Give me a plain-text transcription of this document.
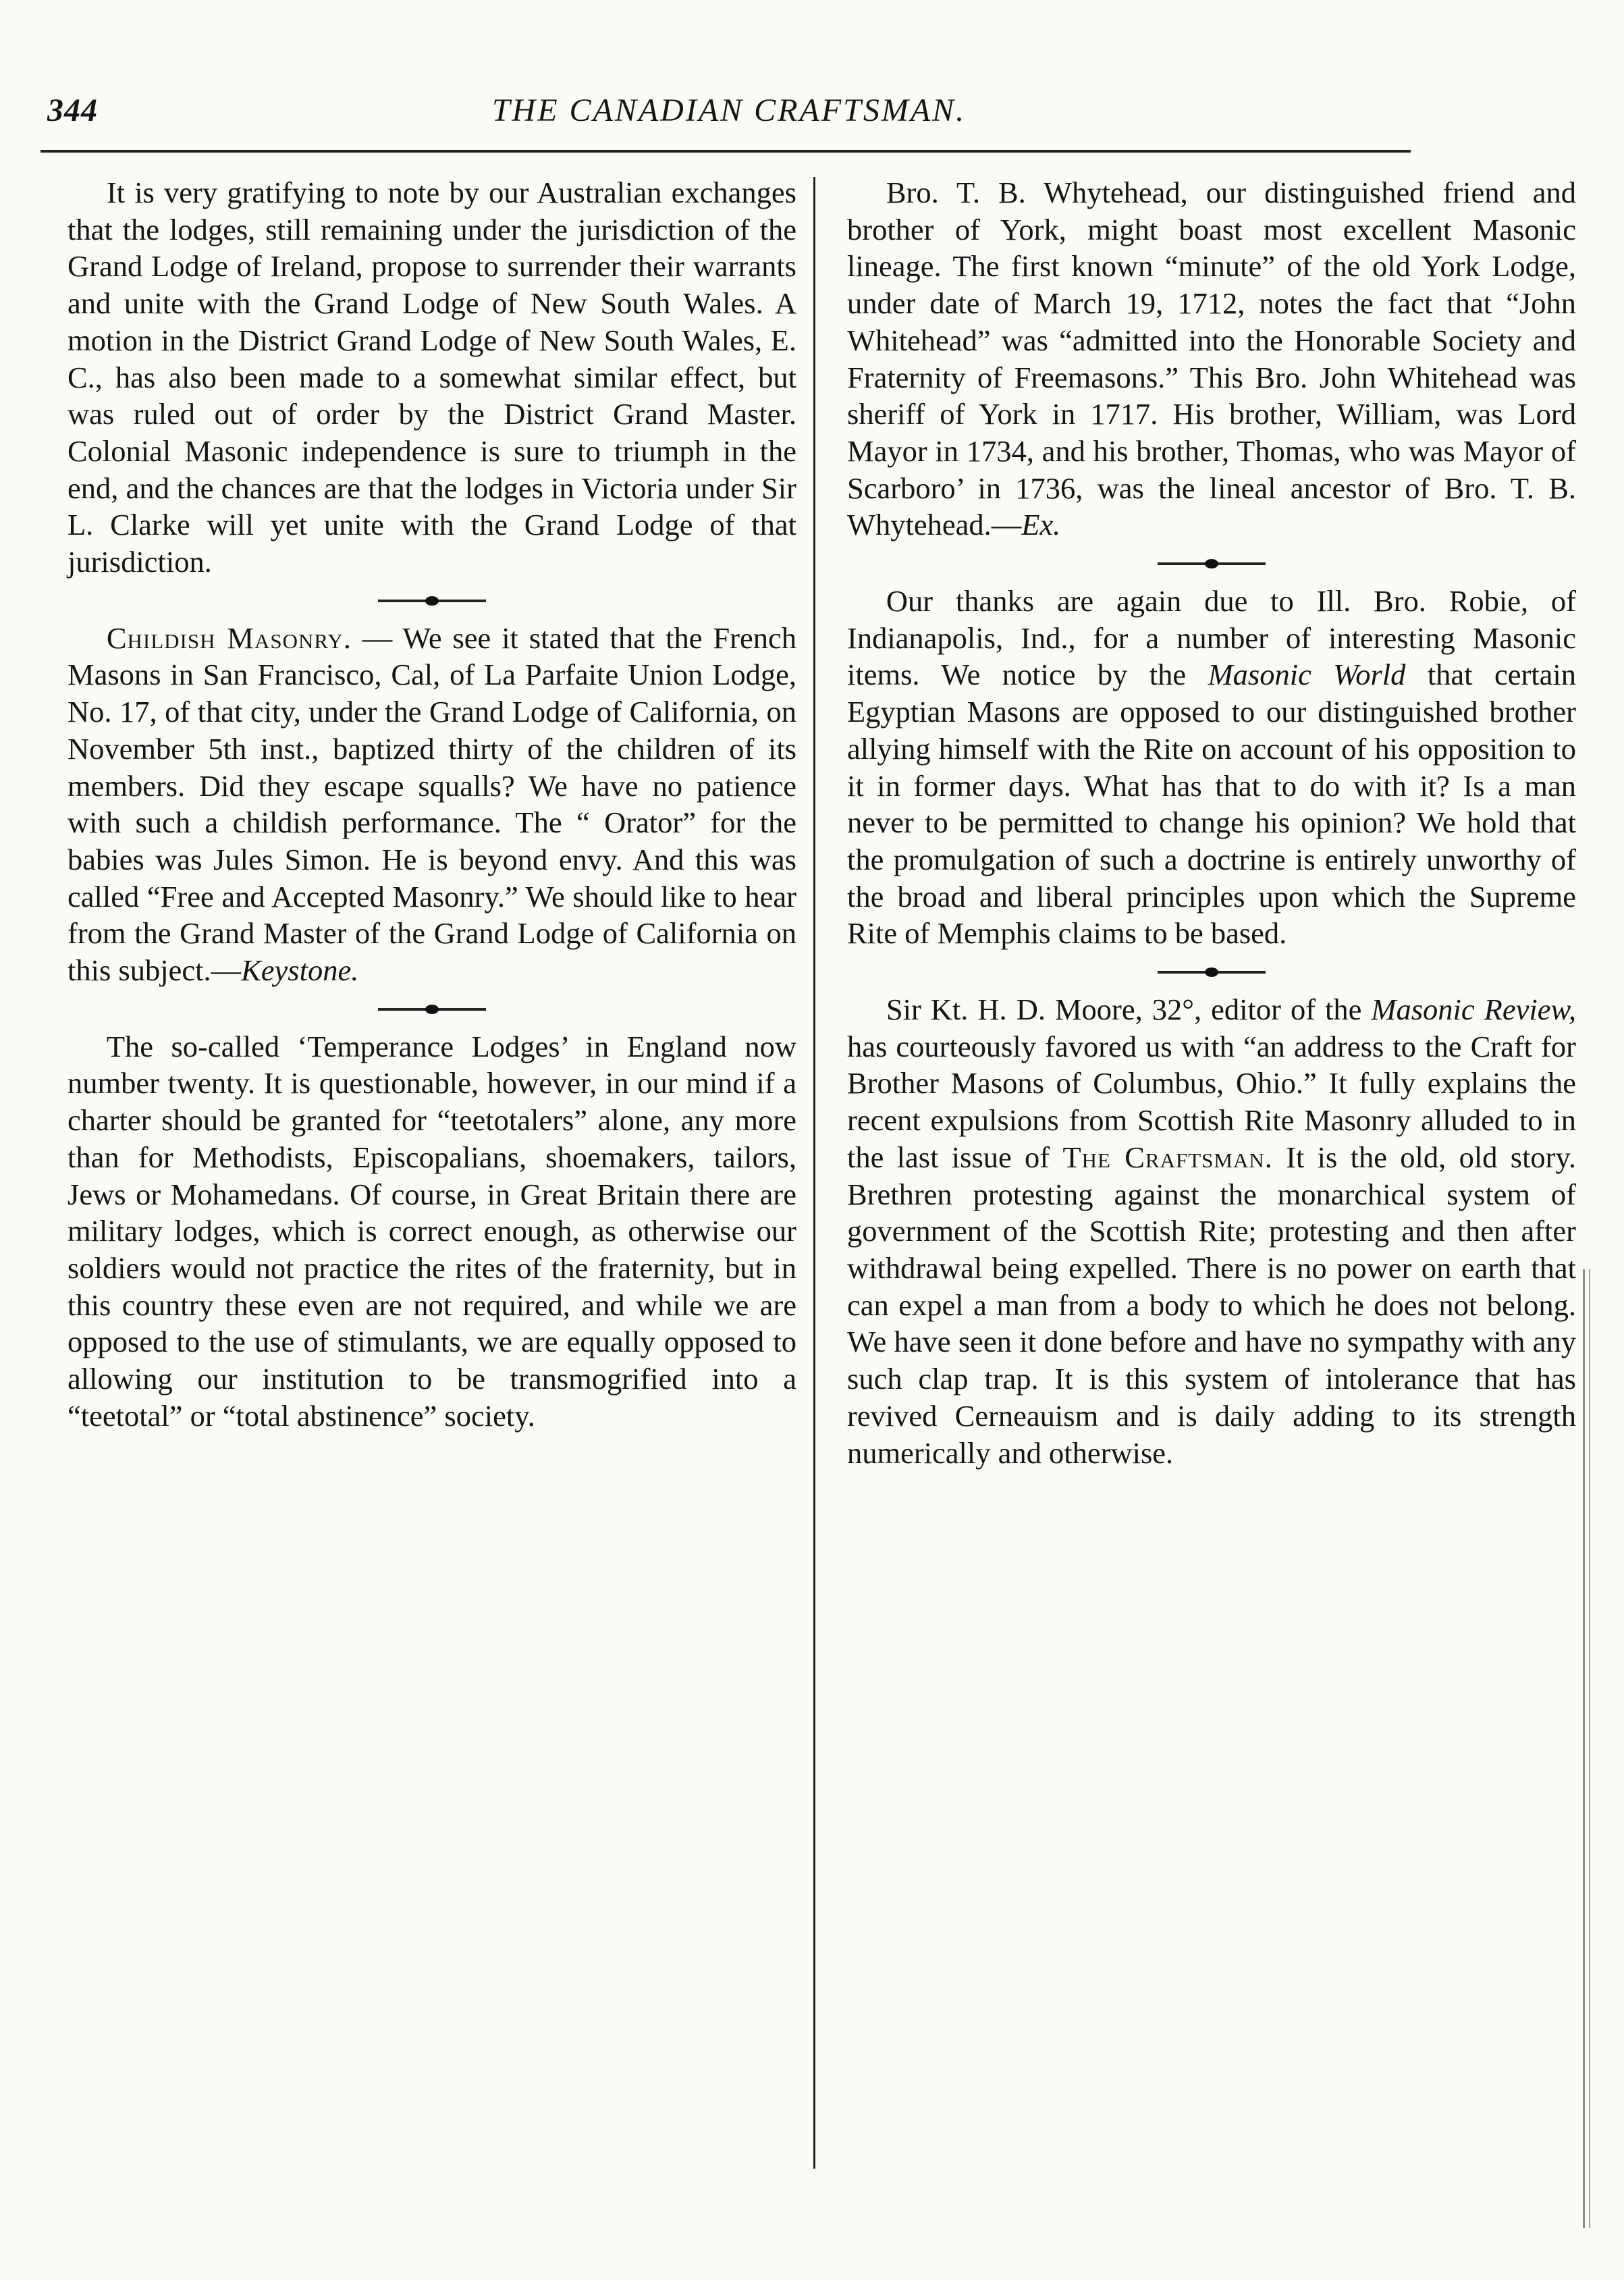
344	THE CANADIAN CRAFTSMAN.

It is very gratifying to note by our Australian exchanges that the lodges, still remaining under the jurisdiction of the Grand Lodge of Ireland, propose to surrender their warrants and unite with the Grand Lodge of New South Wales. A motion in the District Grand Lodge of New South Wales, E. C., has also been made to a somewhat similar effect, but was ruled out of order by the District Grand Master. Colonial Masonic independence is sure to triumph in the end, and the chances are that the lodges in Victoria under Sir L. Clarke will yet unite with the Grand Lodge of that jurisdiction.

Childish Masonry. — We see it stated that the French Masons in San Francisco, Cal, of La Parfaite Union Lodge, No. 17, of that city, under the Grand Lodge of California, on November 5th inst., baptized thirty of the children of its members. Did they escape squalls? We have no patience with such a childish performance. The “ Orator” for the babies was Jules Simon. He is beyond envy. And this was called “Free and Accepted Masonry.” We should like to hear from the Grand Master of the Grand Lodge of California on this subject.—Keystone.

The so-called ‘Temperance Lodges’ in England now number twenty. It is questionable, however, in our mind if a charter should be granted for “teetotalers” alone, any more than for Methodists, Episcopalians, shoemakers, tailors, Jews or Mohamedans. Of course, in Great Britain there are military lodges, which is correct enough, as otherwise our soldiers would not practice the rites of the fraternity, but in this country these even are not required, and while we are opposed to the use of stimulants, we are equally opposed to allowing our institution to be transmogrified into a “teetotal” or “total abstinence” society.

Bro. T. B. Whytehead, our distinguished friend and brother of York, might boast most excellent Masonic lineage. The first known “minute” of the old York Lodge, under date of March 19, 1712, notes the fact that “John Whitehead” was “admitted into the Honorable Society and Fraternity of Freemasons.” This Bro. John Whitehead was sheriff of York in 1717. His brother, William, was Lord Mayor in 1734, and his brother, Thomas, who was Mayor of Scarboro’ in 1736, was the lineal ancestor of Bro. T. B. Whytehead.—Ex.

Our thanks are again due to Ill. Bro. Robie, of Indianapolis, Ind., for a number of interesting Masonic items. We notice by the Masonic World that certain Egyptian Masons are opposed to our distinguished brother allying himself with the Rite on account of his opposition to it in former days. What has that to do with it? Is a man never to be permitted to change his opinion? We hold that the promulgation of such a doctrine is entirely unworthy of the broad and liberal principles upon which the Supreme Rite of Memphis claims to be based.

Sir Kt. H. D. Moore, 32°, editor of the Masonic Review, has courteously favored us with “an address to the Craft for Brother Masons of Columbus, Ohio.” It fully explains the recent expulsions from Scottish Rite Masonry alluded to in the last issue of The Craftsman. It is the old, old story. Brethren protesting against the monarchical system of government of the Scottish Rite; protesting and then after withdrawal being expelled. There is no power on earth that can expel a man from a body to which he does not belong. We have seen it done before and have no sympathy with any such clap trap. It is this system of intolerance that has revived Cerneauism and is daily adding to its strength numerically and otherwise.
